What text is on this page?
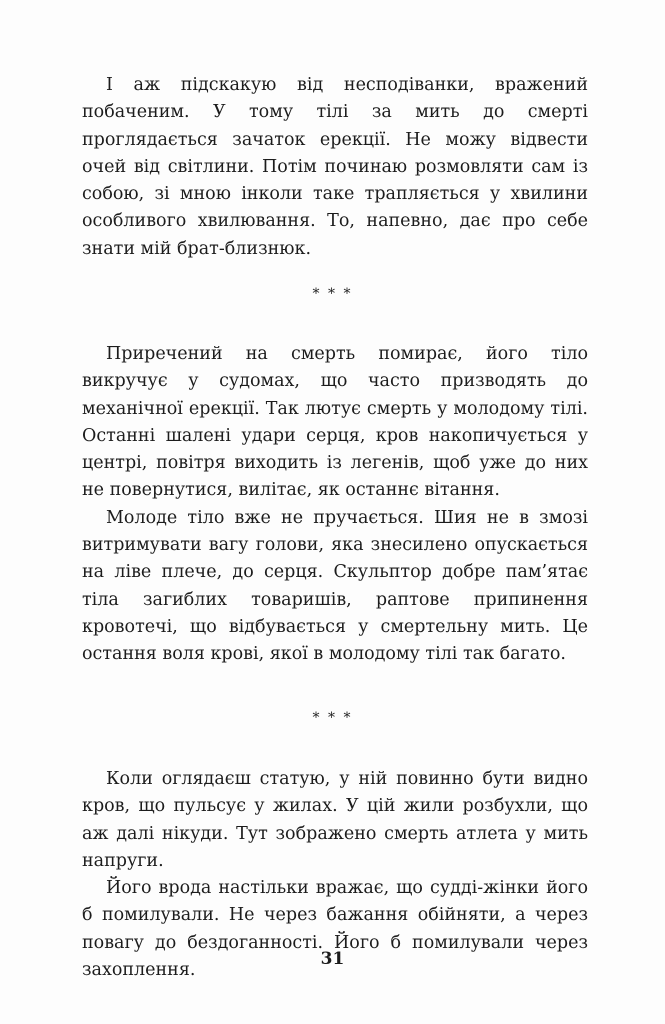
І аж підскакую від несподіванки, вражений побаченим. У тому тілі за мить до смерті проглядається зачаток ерекції. Не можу відвести очей від світлини. Потім починаю розмовляти сам із собою, зі мною інколи таке трапляється у хвилини особливого хвилювання. То, напевно, дає про себе знати мій брат-близнюк.

* * *

Приречений на смерть помирає, його тіло викручує у судомах, що часто призводять до механічної ерекції. Так лютує смерть у молодому тілі. Останні шалені удари серця, кров накопичується у центрі, повітря виходить із легенів, щоб уже до них не повернутися, вилітає, як останнє вітання.

Молоде тіло вже не пручається. Шия не в змозі витримувати вагу голови, яка знесилено опускається на ліве плече, до серця. Скульптор добре пам’ятає тіла загиблих товаришів, раптове припинення кровотечі, що відбувається у смертельну мить. Це остання воля крові, якої в молодому тілі так багато.

* * *

Коли оглядаєш статую, у ній повинно бути видно кров, що пульсує у жилах. У цій жили розбухли, що аж далі нікуди. Тут зображено смерть атлета у мить напруги.

Його врода настільки вражає, що судді-жінки його б помилували. Не через бажання обійняти, а через повагу до бездоганності. Його б помилували через захоплення.

31
